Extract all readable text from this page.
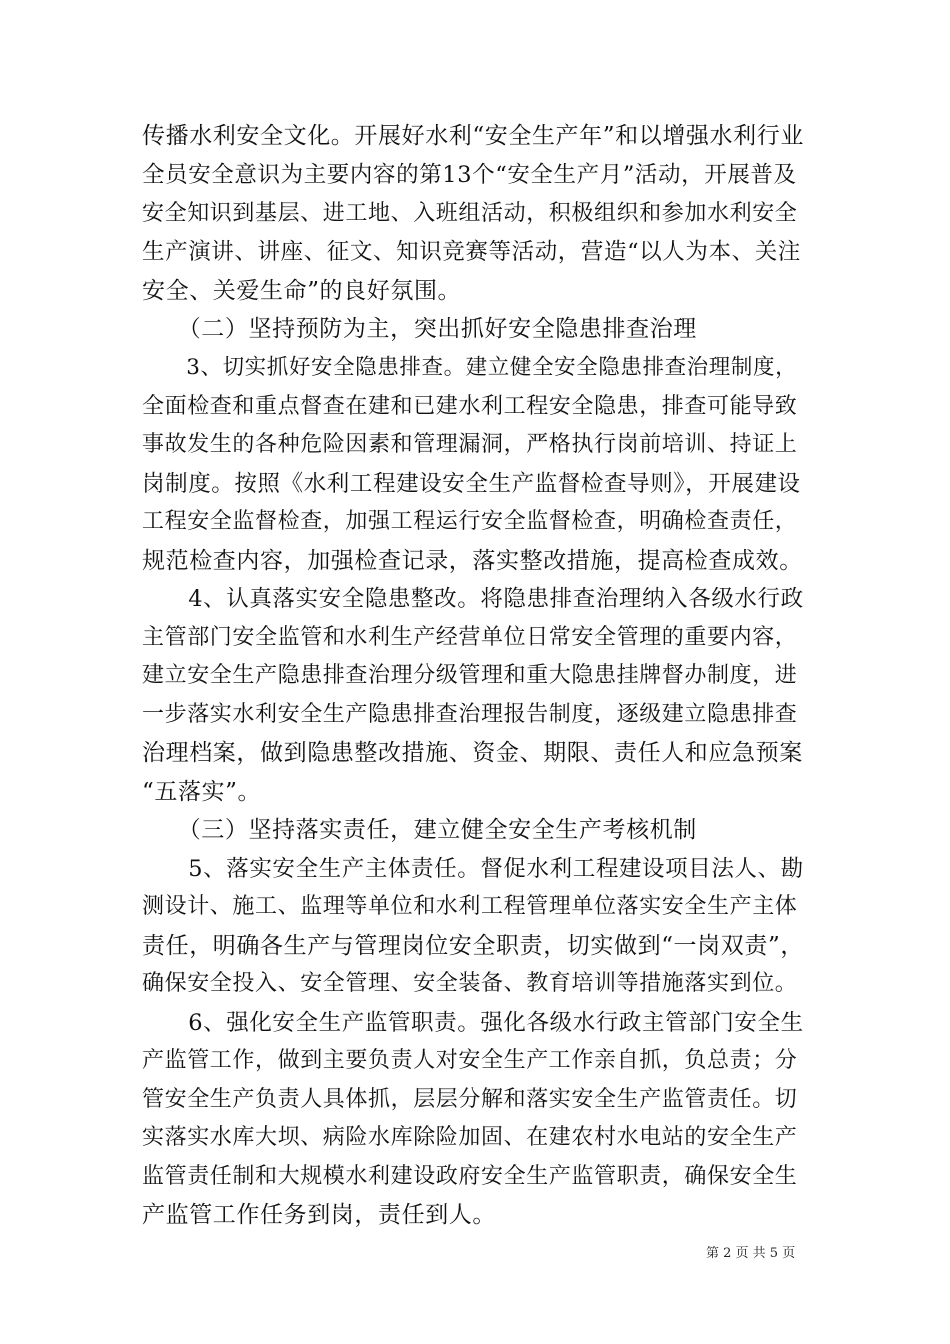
传播水利安全文化。开展好水利“安全生产年”和以增强水利行业
全员安全意识为主要内容的第13个“安全生产月”活动，开展普及
安全知识到基层、进工地、入班组活动，积极组织和参加水利安全
生产演讲、讲座、征文、知识竞赛等活动，营造“以人为本、关注
安全、关爱生命”的良好氛围。
　　（二）坚持预防为主，突出抓好安全隐患排查治理
　　3、切实抓好安全隐患排查。建立健全安全隐患排查治理制度，
全面检查和重点督查在建和已建水利工程安全隐患，排查可能导致
事故发生的各种危险因素和管理漏洞，严格执行岗前培训、持证上
岗制度。按照《水利工程建设安全生产监督检查导则》，开展建设
工程安全监督检查，加强工程运行安全监督检查，明确检查责任，
规范检查内容，加强检查记录，落实整改措施，提高检查成效。
　　4、认真落实安全隐患整改。将隐患排查治理纳入各级水行政
主管部门安全监管和水利生产经营单位日常安全管理的重要内容，
建立安全生产隐患排查治理分级管理和重大隐患挂牌督办制度，进
一步落实水利安全生产隐患排查治理报告制度，逐级建立隐患排查
治理档案，做到隐患整改措施、资金、期限、责任人和应急预案
“五落实”。
　　（三）坚持落实责任，建立健全安全生产考核机制
　　5、落实安全生产主体责任。督促水利工程建设项目法人、勘
测设计、施工、监理等单位和水利工程管理单位落实安全生产主体
责任，明确各生产与管理岗位安全职责，切实做到“一岗双责”，
确保安全投入、安全管理、安全装备、教育培训等措施落实到位。
　　6、强化安全生产监管职责。强化各级水行政主管部门安全生
产监管工作，做到主要负责人对安全生产工作亲自抓，负总责；分
管安全生产负责人具体抓，层层分解和落实安全生产监管责任。切
实落实水库大坝、病险水库除险加固、在建农村水电站的安全生产
监管责任制和大规模水利建设政府安全生产监管职责，确保安全生
产监管工作任务到岗，责任到人。
第 2 页 共 5 页
